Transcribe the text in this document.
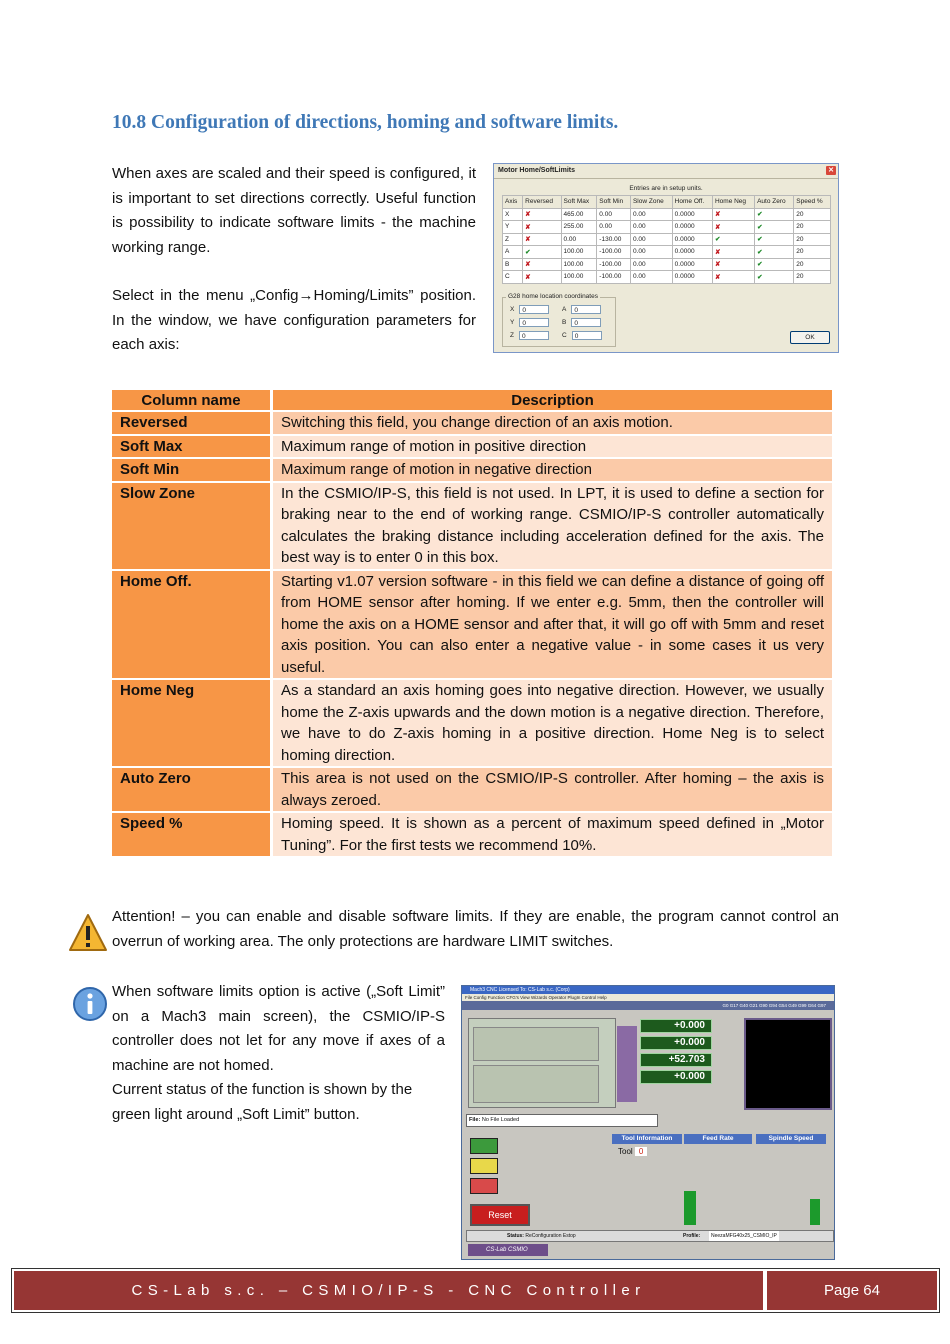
10.8 Configuration of directions, homing and software limits.

When axes are scaled and their speed is configured, it is important to set directions correctly. Useful function is possibility to indicate software limits - the machine working range.

Select in the menu „Config→Homing/Limits” position. In the window, we have configuration parameters for each axis:

Motor Home/SoftLimits	✕
Entries are in setup units.
Axis	Reversed	Soft Max	Soft Min	Slow Zone	Home Off.	Home Neg	Auto Zero	Speed %
X	✘	465.00	0.00	0.00	0.0000	✘	✔	20
Y	✘	255.00	0.00	0.00	0.0000	✘	✔	20
Z	✘	0.00	-130.00	0.00	0.0000	✔	✔	20
A	✔	100.00	-100.00	0.00	0.0000	✘	✔	20
B	✘	100.00	-100.00	0.00	0.0000	✘	✔	20
C	✘	100.00	-100.00	0.00	0.0000	✘	✔	20
G28 home location coordinates
X 0
Y 0
Z 0
A 0
B 0
C 0	OK
Column name	Description
Reversed	Switching this field, you change direction of an axis motion.
Soft Max	Maximum range of motion in positive direction
Soft Min	Maximum range of motion in negative direction
Slow Zone	In the CSMIO/IP-S, this field is not used. In LPT, it is used to define a section for braking near to the end of working range. CSMIO/IP-S controller automatically calculates the braking distance including acceleration defined for the axis. The best way is to enter 0 in this box.
Home Off.	Starting v1.07 version software - in this field we can define a distance of going off from HOME sensor after homing. If we enter e.g. 5mm, then the controller will home the axis on a HOME sensor and after that, it will go off with 5mm and reset axis position. You can also enter a negative value - in some cases it us very useful.
Home Neg	As a standard an axis homing goes into negative direction. However, we usually home the Z-axis upwards and the down motion is a negative direction. Therefore, we have to do Z-axis homing in a positive direction. Home Neg is to select homing direction.
Auto Zero	This area is not used on the CSMIO/IP-S controller. After homing – the axis is always zeroed.
Speed %	Homing speed. It is shown as a percent of maximum speed defined in „Motor Tuning”. For the first tests we recommend 10%.
Attention! – you can enable and disable software limits. If they are enable, the program cannot control an overrun of working area. The only protections are hardware LIMIT switches.

When software limits option is active („Soft Limit” on a Mach3 main screen), the CSMIO/IP-S controller does not let for any move if axes of a machine are not homed.

Current status of the function is shown by the green light around „Soft Limit” button.

Mach3 CNC Licensed To: CS-Lab s.c. (Corp)
File Config Function CFG's View Wizards Operator PlugIn Control Help
G0 G17 G40 G21 G90 G94 G54 G49 G99 G64 G97
+0.000
+0.000
+52.703
+0.000
File: No File Loaded
Tool Information	Feed Rate	Spindle Speed
Tool 0
Reset
Status: ReConfiguration Estop	Profile:	NeezaMFG40x25_CSMIO_IP
CS-Lab CSMIO
CS-Lab s.c. – CSMIO/IP-S - CNC Controller	Page 64
